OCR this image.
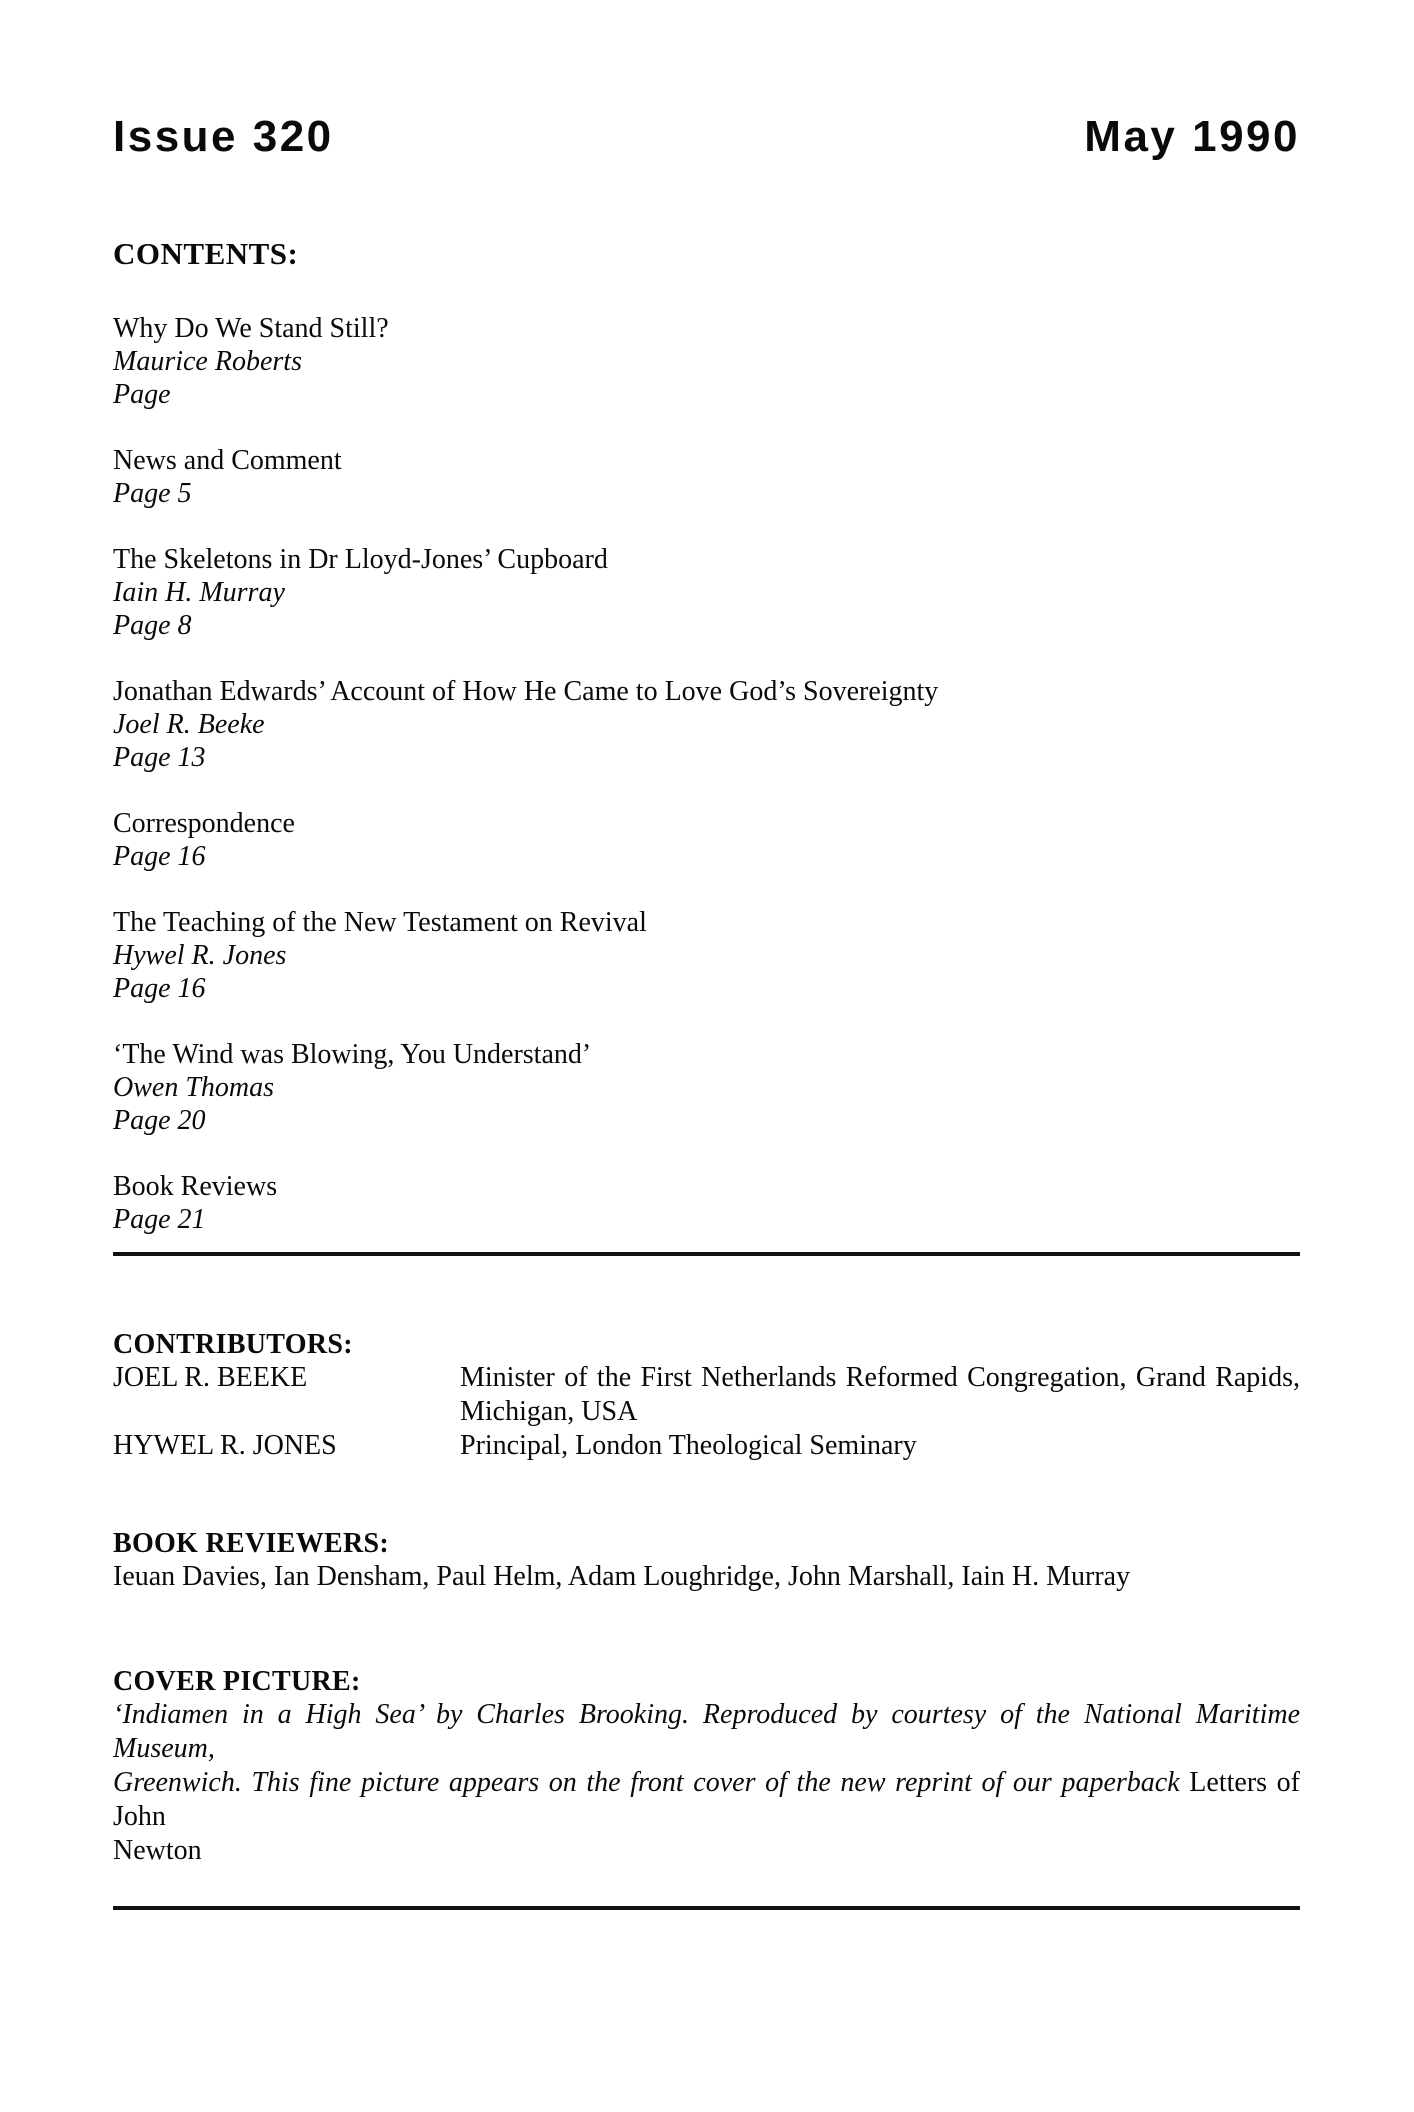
Issue 320	May 1990
CONTENTS:
Why Do We Stand Still?
Maurice Roberts
Page
News and Comment
Page 5
The Skeletons in Dr Lloyd-Jones’ Cupboard
Iain H. Murray
Page 8
Jonathan Edwards’ Account of How He Came to Love God’s Sovereignty
Joel R. Beeke
Page 13
Correspondence
Page 16
The Teaching of the New Testament on Revival
Hywel R. Jones
Page 16
‘The Wind was Blowing, You Understand’
Owen Thomas
Page 20
Book Reviews
Page 21
CONTRIBUTORS:
JOEL R. BEEKE	Minister of the First Netherlands Reformed Congregation, Grand Rapids,
Michigan, USA
HYWEL R. JONES	Principal, London Theological Seminary
BOOK REVIEWERS:
Ieuan Davies, Ian Densham, Paul Helm, Adam Loughridge, John Marshall, Iain H. Murray
COVER PICTURE:
‘Indiamen in a High Sea’ by Charles Brooking. Reproduced by courtesy of the National Maritime Museum,
Greenwich. This fine picture appears on the front cover of the new reprint of our paperback Letters of John
Newton
